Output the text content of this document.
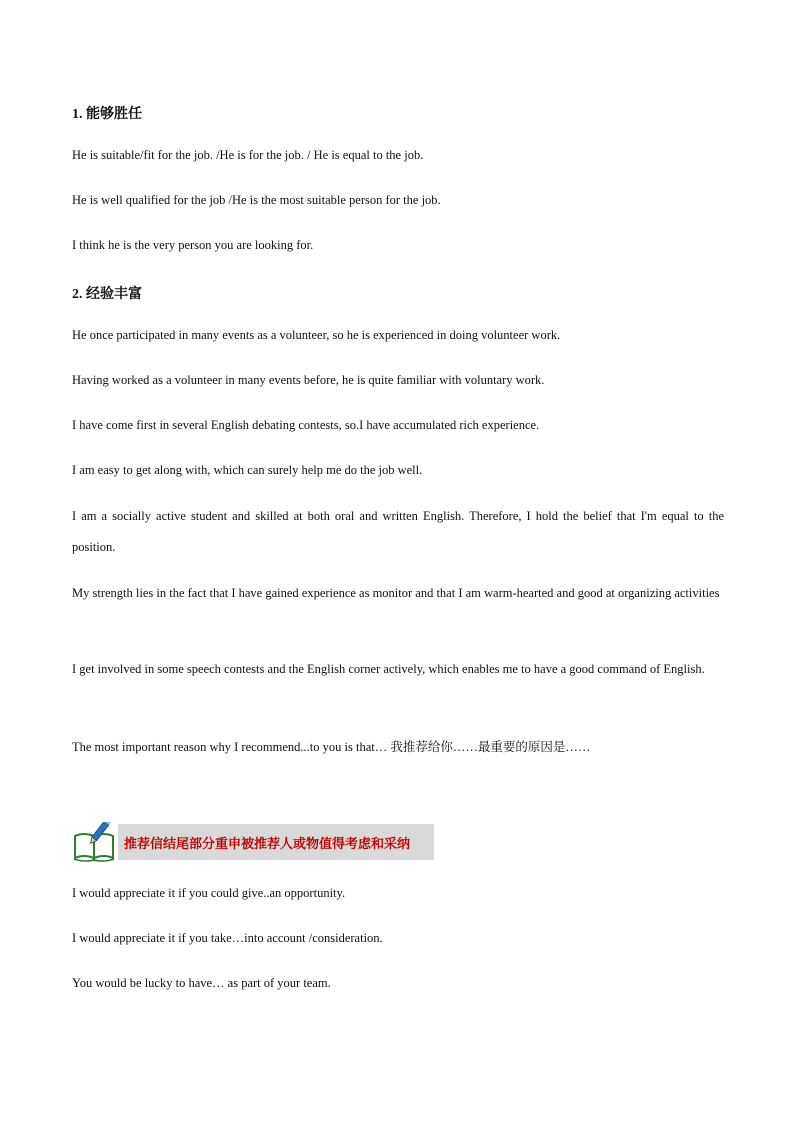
1. 能够胜任

He is suitable/fit for the job. /He is for the job. / He is equal to the job.

He is well qualified for the job /He is the most suitable person for the job.

I think he is the very person you are looking for.

2. 经验丰富

He once participated in many events as a volunteer, so he is experienced in doing volunteer work.

Having worked as a volunteer in many events before, he is quite familiar with voluntary work.

I have come first in several English debating contests, so.I have accumulated rich experience.

I am easy to get along with, which can surely help me do the job well.

I am a socially active student and skilled at both oral and written English. Therefore, I hold the belief that I'm equal to the position.

My strength lies in the fact that I have gained experience as monitor and that I am warm-hearted and good at organizing activities

I get involved in some speech contests and the English corner actively, which enables me to have a good command of English.

The most important reason why I recommend...to you is that… 我推荐给你……最重要的原因是……

推荐信结尾部分重申被推荐人或物值得考虑和采纳

I would appreciate it if you could give..an opportunity.

I would appreciate it if you take…into account /consideration.

You would be lucky to have… as part of your team.
